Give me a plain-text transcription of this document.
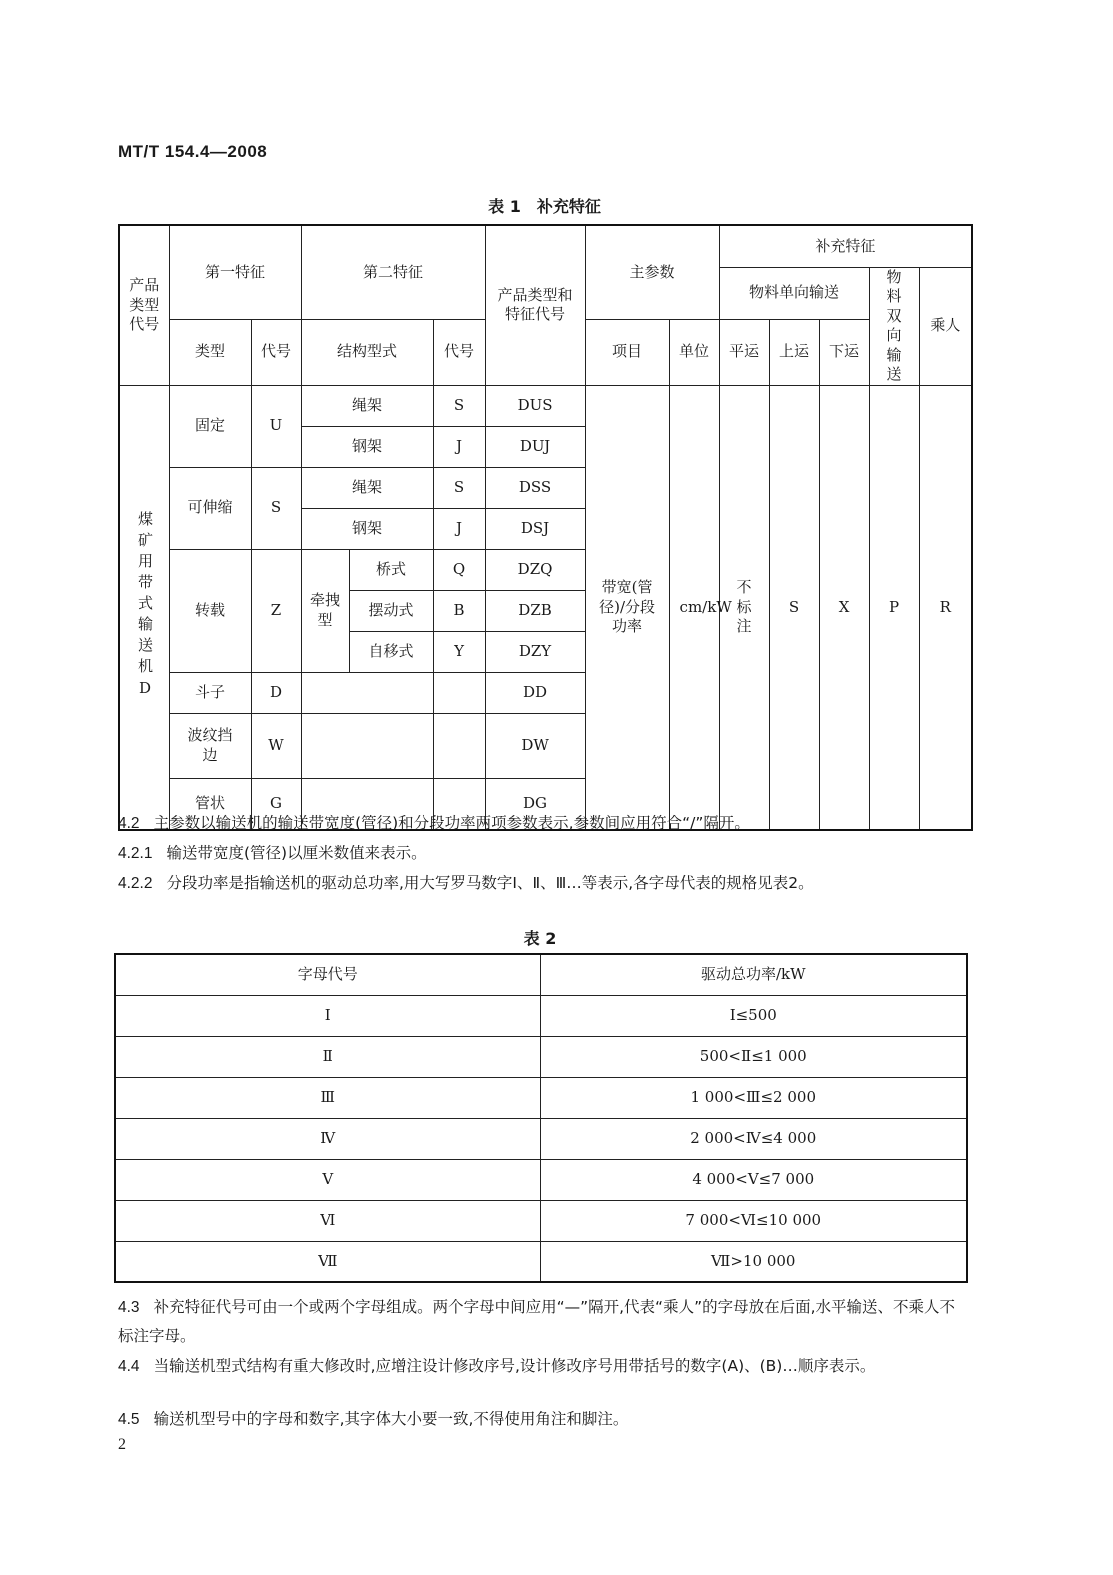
MT/T 154.4—2008
表 1　补充特征
产品类型代号	第一特征		第二特征			产品类型和特征代号	主参数		补充特征				
									物料单向输送			物料双向输送	乘人
	类型	代号	结构型式		代号		项目	单位	平运	上运	下运		
煤矿用带式输送机D	固定	U	绳架		S	DUS	带宽(管径)/分段功率	cm/kW	不标注	S	X	P	R
			钢架		J	DUJ							
	可伸缩	S	绳架		S	DSS							
			钢架		J	DSJ							
	转载	Z	牵拽型	桥式	Q	DZQ							
				摆动式	B	DZB							
				自移式	Y	DZY							
	斗子	D				DD							
	波纹挡边	W				DW							
	管状	G				DG							
4.2 主参数以输送机的输送带宽度(管径)和分段功率两项参数表示,参数间应用符合“/”隔开。
4.2.1 输送带宽度(管径)以厘米数值来表示。
4.2.2 分段功率是指输送机的驱动总功率,用大写罗马数字Ⅰ、Ⅱ、Ⅲ…等表示,各字母代表的规格见表2。
表 2
字母代号	驱动总功率/kW
Ⅰ	Ⅰ≤500
Ⅱ	500<Ⅱ≤1 000
Ⅲ	1 000<Ⅲ≤2 000
Ⅳ	2 000<Ⅳ≤4 000
Ⅴ	4 000<Ⅴ≤7 000
Ⅵ	7 000<Ⅵ≤10 000
Ⅶ	Ⅶ>10 000
4.3 补充特征代号可由一个或两个字母组成。两个字母中间应用“—”隔开,代表“乘人”的字母放在后面,水平输送、不乘人不标注字母。
4.4 当输送机型式结构有重大修改时,应增注设计修改序号,设计修改序号用带括号的数字(A)、(B)…顺序表示。
4.5 输送机型号中的字母和数字,其字体大小要一致,不得使用角注和脚注。
2
